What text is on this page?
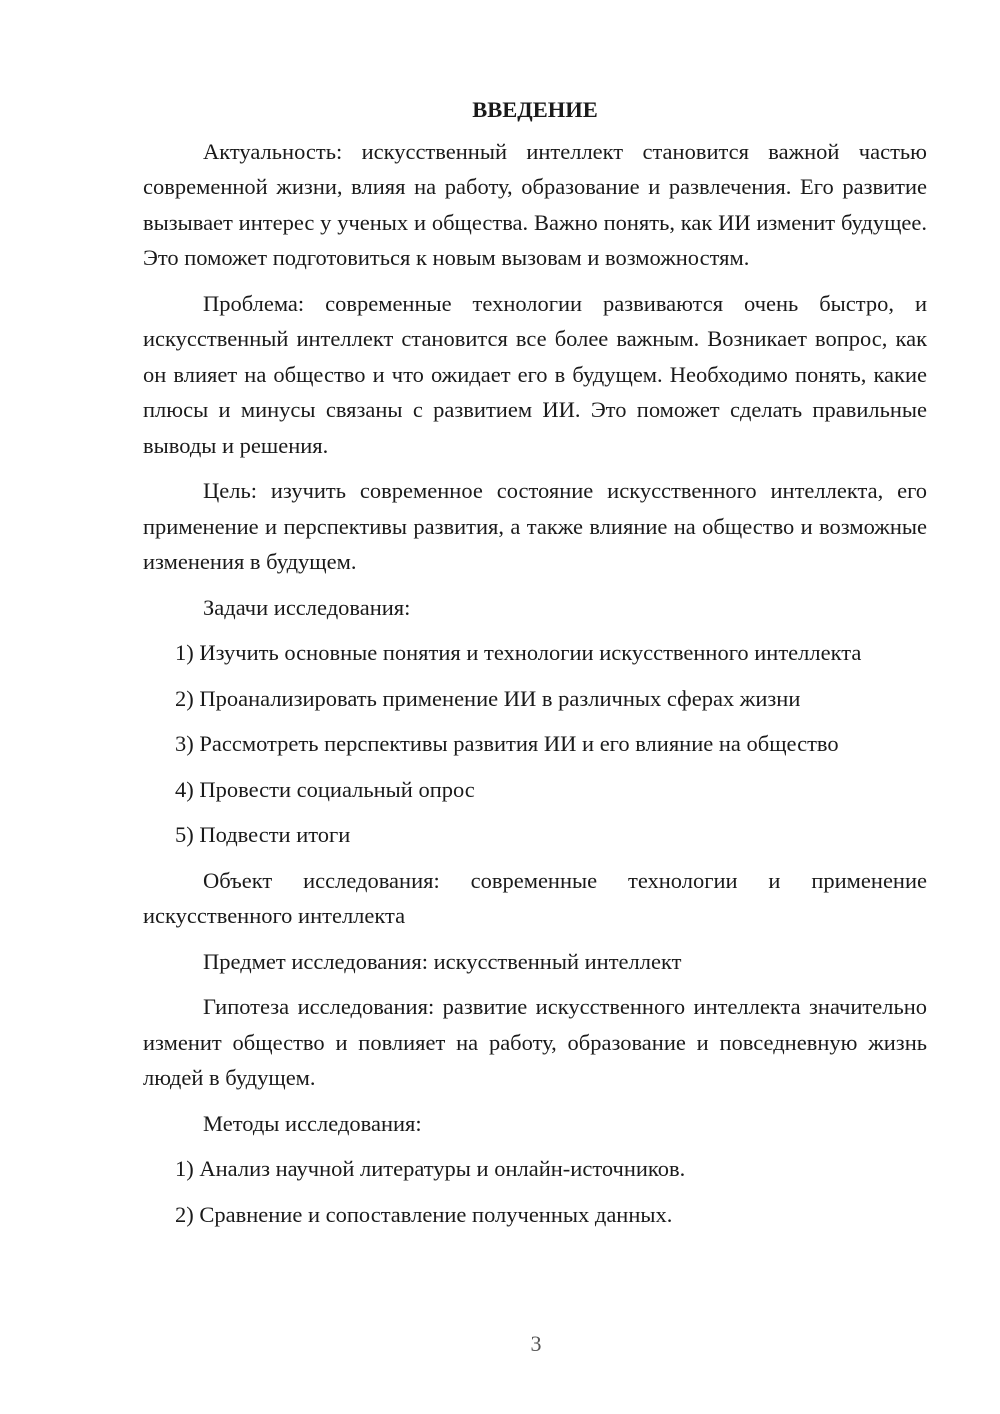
ВВЕДЕНИЕ

Актуальность: искусственный интеллект становится важной частью современной жизни, влияя на работу, образование и развлечения. Его развитие вызывает интерес у ученых и общества. Важно понять, как ИИ изменит будущее. Это поможет подготовиться к новым вызовам и возможностям.

Проблема: современные технологии развиваются очень быстро, и искусственный интеллект становится все более важным. Возникает вопрос, как он влияет на общество и что ожидает его в будущем. Необходимо понять, какие плюсы и минусы связаны с развитием ИИ. Это поможет сделать правильные выводы и решения.

Цель: изучить современное состояние искусственного интеллекта, его применение и перспективы развития, а также влияние на общество и возможные изменения в будущем.

Задачи исследования:

1) Изучить основные понятия и технологии искусственного интеллекта

2) Проанализировать применение ИИ в различных сферах жизни

3) Рассмотреть перспективы развития ИИ и его влияние на общество

4) Провести социальный опрос

5) Подвести итоги

Объект исследования: современные технологии и применение искусственного интеллекта

Предмет исследования: искусственный интеллект

Гипотеза исследования: развитие искусственного интеллекта значительно изменит общество и повлияет на работу, образование и повседневную жизнь людей в будущем.

Методы исследования:

1) Анализ научной литературы и онлайн-источников.

2) Сравнение и сопоставление полученных данных.

3
